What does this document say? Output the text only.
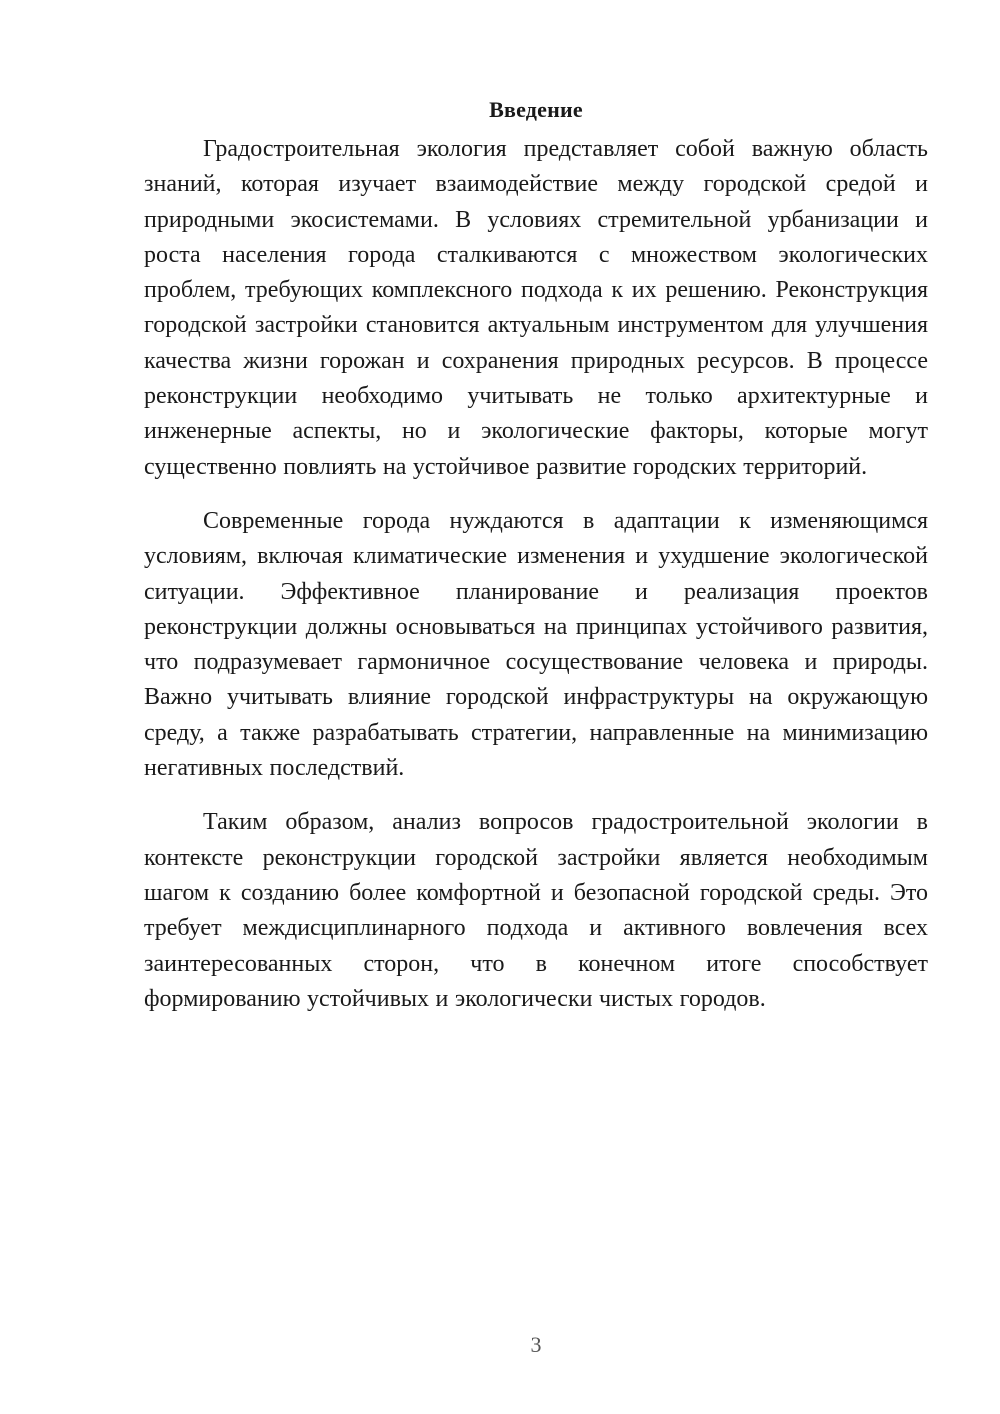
Введение

Градостроительная экология представляет собой важную область знаний, которая изучает взаимодействие между городской средой и природными экосистемами. В условиях стремительной урбанизации и роста населения города сталкиваются с множеством экологических проблем, требующих комплексного подхода к их решению. Реконструкция городской застройки становится актуальным инструментом для улучшения качества жизни горожан и сохранения природных ресурсов. В процессе реконструкции необходимо учитывать не только архитектурные и инженерные аспекты, но и экологические факторы, которые могут существенно повлиять на устойчивое развитие городских территорий.

Современные города нуждаются в адаптации к изменяющимся условиям, включая климатические изменения и ухудшение экологической ситуации. Эффективное планирование и реализация проектов реконструкции должны основываться на принципах устойчивого развития, что подразумевает гармоничное сосуществование человека и природы. Важно учитывать влияние городской инфраструктуры на окружающую среду, а также разрабатывать стратегии, направленные на минимизацию негативных последствий.

Таким образом, анализ вопросов градостроительной экологии в контексте реконструкции городской застройки является необходимым шагом к созданию более комфортной и безопасной городской среды. Это требует междисциплинарного подхода и активного вовлечения всех заинтересованных сторон, что в конечном итоге способствует формированию устойчивых и экологически чистых городов.

3
